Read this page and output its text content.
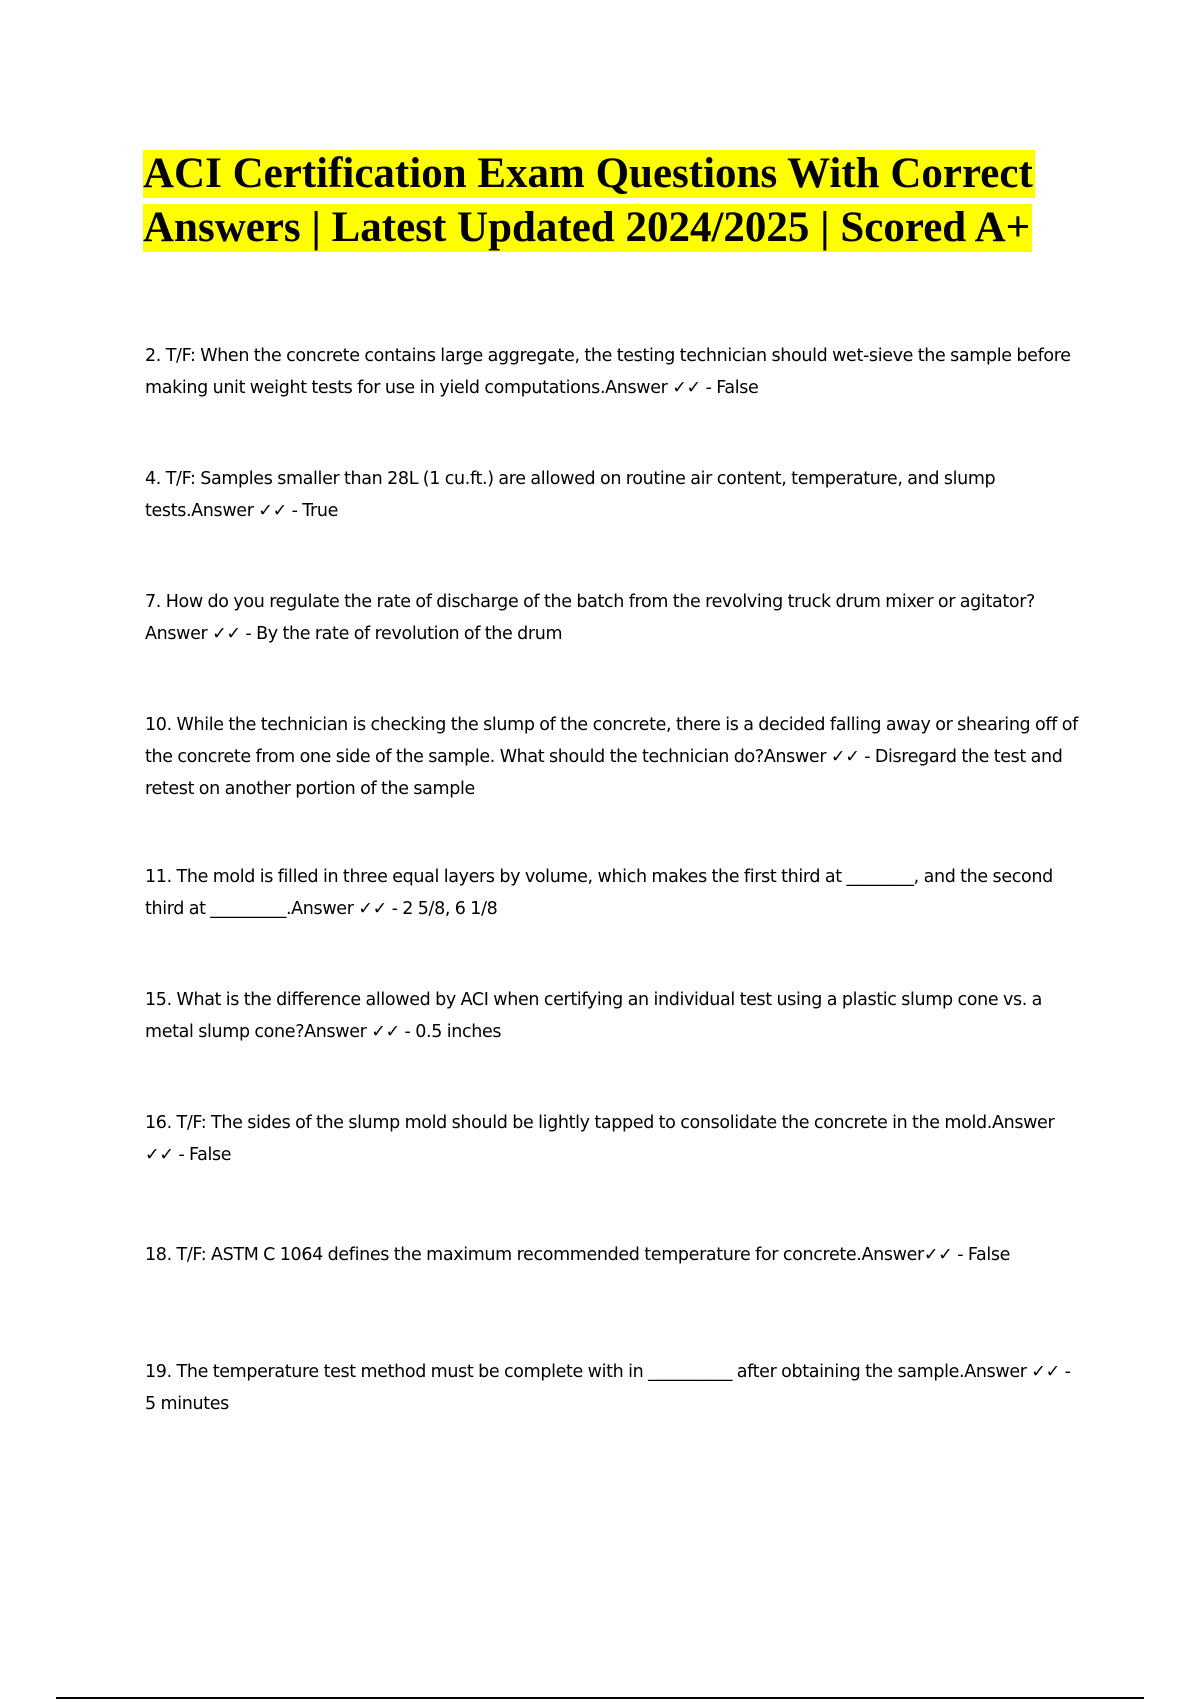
ACI Certification Exam Questions With Correct
Answers | Latest Updated 2024/2025 | Scored A+

2. T/F: When the concrete contains large aggregate, the testing technician should wet-sieve the sample before making unit weight tests for use in yield computations.Answer ✓✓ - False

4. T/F: Samples smaller than 28L (1 cu.ft.) are allowed on routine air content, temperature, and slump tests.Answer ✓✓ - True

7. How do you regulate the rate of discharge of the batch from the revolving truck drum mixer or agitator?Answer ✓✓ - By the rate of revolution of the drum

10. While the technician is checking the slump of the concrete, there is a decided falling away or shearing off of the concrete from one side of the sample. What should the technician do?Answer ✓✓ - Disregard the test and retest on another portion of the sample

11. The mold is filled in three equal layers by volume, which makes the first third at ________, and the second third at _________.Answer ✓✓ - 2 5/8, 6 1/8

15. What is the difference allowed by ACI when certifying an individual test using a plastic slump cone vs. a metal slump cone?Answer ✓✓ - 0.5 inches

16. T/F: The sides of the slump mold should be lightly tapped to consolidate the concrete in the mold.Answer ✓✓ - False

18. T/F: ASTM C 1064 defines the maximum recommended temperature for concrete.Answer✓✓ - False

19. The temperature test method must be complete with in __________ after obtaining the sample.Answer ✓✓ - 5 minutes
